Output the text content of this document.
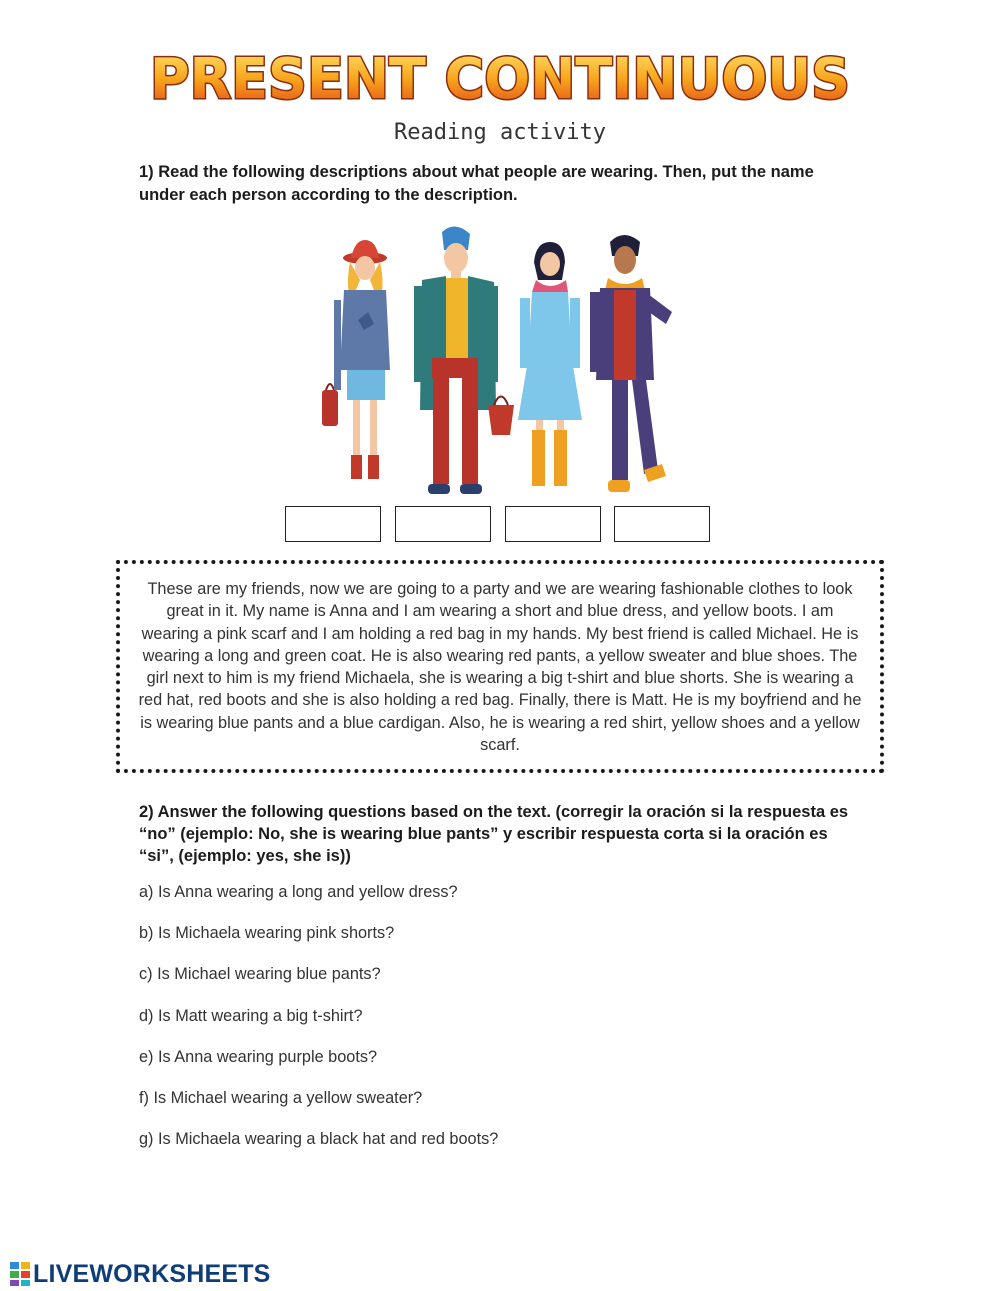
PRESENT CONTINUOUS
Reading activity
1) Read the following descriptions about what people are wearing. Then, put the name under each person according to the description.
These are my friends, now we are going to a party and we are wearing fashionable clothes to look great in it. My name is Anna and I am wearing a short and blue dress, and yellow boots. I am wearing a pink scarf and I am holding a red bag in my hands. My best friend is called Michael. He is wearing a long and green coat. He is also wearing red pants, a yellow sweater and blue shoes. The girl next to him is my friend Michaela, she is wearing a big t-shirt and blue shorts. She is wearing a red hat, red boots and she is also holding a red bag. Finally, there is Matt. He is my boyfriend and he is wearing blue pants and a blue cardigan. Also, he is wearing a red shirt, yellow shoes and a yellow scarf.
2) Answer the following questions based on the text. (corregir la oración si la respuesta es “no” (ejemplo: No, she is wearing blue pants” y escribir respuesta corta si la oración es “si”, (ejemplo: yes, she is))
a) Is Anna wearing a long and yellow dress?
b) Is Michaela wearing pink shorts?
c) Is Michael wearing blue pants?
d) Is Matt wearing a big t-shirt?
e) Is Anna wearing purple boots?
f) Is Michael wearing a yellow sweater?
g) Is Michaela wearing a black hat and red boots?
LIVEWORKSHEETS
